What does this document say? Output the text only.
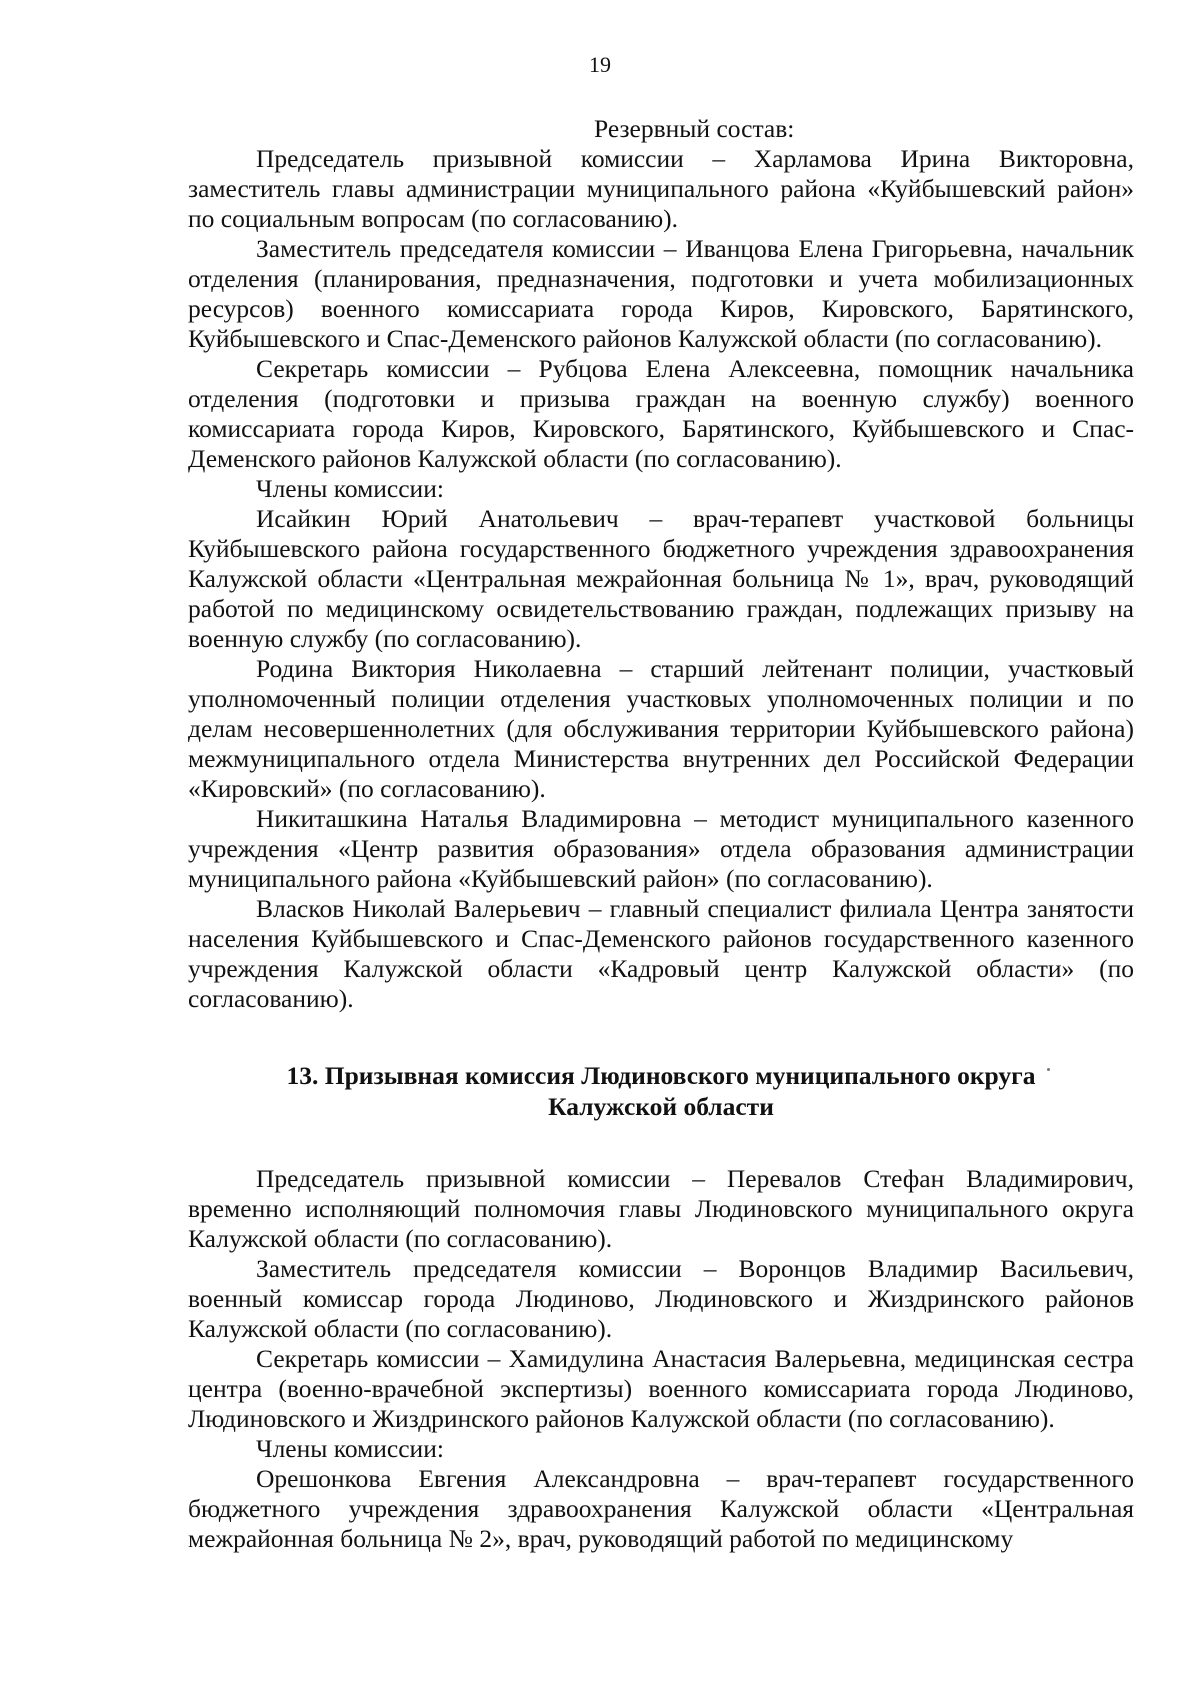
19

Резервный состав:

Председатель призывной комиссии – Харламова Ирина Викторовна, заместитель главы администрации муниципального района «Куйбышевский район» по социальным вопросам (по согласованию).

Заместитель председателя комиссии – Иванцова Елена Григорьевна, начальник отделения (планирования, предназначения, подготовки и учета мобилизационных ресурсов) военного комиссариата города Киров, Кировского, Барятинского, Куйбышевского и Спас-Деменского районов Калужской области (по согласованию).

Секретарь комиссии – Рубцова Елена Алексеевна, помощник начальника отделения (подготовки и призыва граждан на военную службу) военного комиссариата города Киров, Кировского, Барятинского, Куйбышевского и Спас-Деменского районов Калужской области (по согласованию).

Члены комиссии:

Исайкин Юрий Анатольевич – врач-терапевт участковой больницы Куйбышевского района государственного бюджетного учреждения здравоохранения Калужской области «Центральная межрайонная больница № 1», врач, руководящий работой по медицинскому освидетельствованию граждан, подлежащих призыву на военную службу (по согласованию).

Родина Виктория Николаевна – старший лейтенант полиции, участковый уполномоченный полиции отделения участковых уполномоченных полиции и по делам несовершеннолетних (для обслуживания территории Куйбышевского района) межмуниципального отдела Министерства внутренних дел Российской Федерации «Кировский» (по согласованию).

Никиташкина Наталья Владимировна – методист муниципального казенного учреждения «Центр развития образования» отдела образования администрации муниципального района «Куйбышевский район» (по согласованию).

Власков Николай Валерьевич – главный специалист филиала Центра занятости населения Куйбышевского и Спас-Деменского районов государственного казенного учреждения Калужской области «Кадровый центр Калужской области» (по согласованию).

13. Призывная комиссия Людиновского муниципального округа
Калужской области

Председатель призывной комиссии – Перевалов Стефан Владимирович, временно исполняющий полномочия главы Людиновского муниципального округа Калужской области (по согласованию).

Заместитель председателя комиссии – Воронцов Владимир Васильевич, военный комиссар города Людиново, Людиновского и Жиздринского районов Калужской области (по согласованию).

Секретарь комиссии – Хамидулина Анастасия Валерьевна, медицинская сестра центра (военно-врачебной экспертизы) военного комиссариата города Людиново, Людиновского и Жиздринского районов Калужской области (по согласованию).

Члены комиссии:

Орешонкова Евгения Александровна – врач-терапевт государственного бюджетного учреждения здравоохранения Калужской области «Центральная межрайонная больница № 2», врач, руководящий работой по медицинскому
